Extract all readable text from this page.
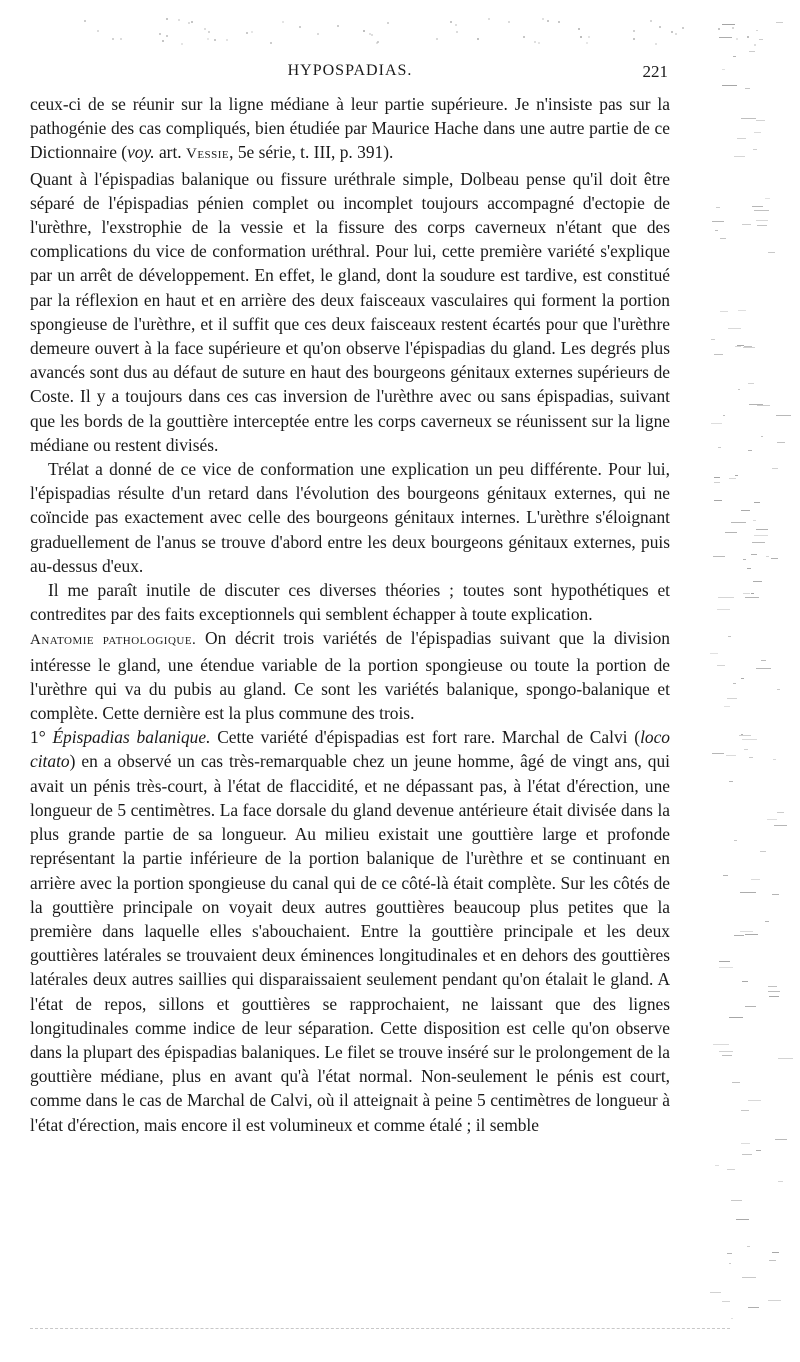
HYPOSPADIAS.	221

ceux-ci de se réunir sur la ligne médiane à leur partie supérieure. Je n'insiste pas sur la pathogénie des cas compliqués, bien étudiée par Maurice Hache dans une autre partie de ce Dictionnaire (voy. art. Vessie, 5e série, t. III, p. 391).

Quant à l'épispadias balanique ou fissure uréthrale simple, Dolbeau pense qu'il doit être séparé de l'épispadias pénien complet ou incomplet toujours accompagné d'ectopie de l'urèthre, l'exstrophie de la vessie et la fissure des corps caverneux n'étant que des complications du vice de conformation uréthral. Pour lui, cette première variété s'explique par un arrêt de développement. En effet, le gland, dont la soudure est tardive, est constitué par la réflexion en haut et en arrière des deux faisceaux vasculaires qui forment la portion spongieuse de l'urèthre, et il suffit que ces deux faisceaux restent écartés pour que l'urèthre demeure ouvert à la face supérieure et qu'on observe l'épispadias du gland. Les degrés plus avancés sont dus au défaut de suture en haut des bourgeons génitaux externes supérieurs de Coste. Il y a toujours dans ces cas inversion de l'urèthre avec ou sans épispadias, suivant que les bords de la gouttière interceptée entre les corps caverneux se réunissent sur la ligne médiane ou restent divisés.

Trélat a donné de ce vice de conformation une explication un peu différente. Pour lui, l'épispadias résulte d'un retard dans l'évolution des bourgeons génitaux externes, qui ne coïncide pas exactement avec celle des bourgeons génitaux internes. L'urèthre s'éloignant graduellement de l'anus se trouve d'abord entre les deux bourgeons génitaux externes, puis au-dessus d'eux.

Il me paraît inutile de discuter ces diverses théories ; toutes sont hypothétiques et contredites par des faits exceptionnels qui semblent échapper à toute explication.

Anatomie pathologique. On décrit trois variétés de l'épispadias suivant que la division intéresse le gland, une étendue variable de la portion spongieuse ou toute la portion de l'urèthre qui va du pubis au gland. Ce sont les variétés balanique, spongo-balanique et complète. Cette dernière est la plus commune des trois.

1° Épispadias balanique. Cette variété d'épispadias est fort rare. Marchal de Calvi (loco citato) en a observé un cas très-remarquable chez un jeune homme, âgé de vingt ans, qui avait un pénis très-court, à l'état de flaccidité, et ne dépassant pas, à l'état d'érection, une longueur de 5 centimètres. La face dorsale du gland devenue antérieure était divisée dans la plus grande partie de sa longueur. Au milieu existait une gouttière large et profonde représentant la partie inférieure de la portion balanique de l'urèthre et se continuant en arrière avec la portion spongieuse du canal qui de ce côté-là était complète. Sur les côtés de la gouttière principale on voyait deux autres gouttières beaucoup plus petites que la première dans laquelle elles s'abouchaient. Entre la gouttière principale et les deux gouttières latérales se trouvaient deux éminences longitudinales et en dehors des gouttières latérales deux autres saillies qui disparaissaient seulement pendant qu'on étalait le gland. A l'état de repos, sillons et gouttières se rapprochaient, ne laissant que des lignes longitudinales comme indice de leur séparation. Cette disposition est celle qu'on observe dans la plupart des épispadias balaniques. Le filet se trouve inséré sur le prolongement de la gouttière médiane, plus en avant qu'à l'état normal. Non-seulement le pénis est court, comme dans le cas de Marchal de Calvi, où il atteignait à peine 5 centimètres de longueur à l'état d'érection, mais encore il est volumineux et comme étalé ; il semble
